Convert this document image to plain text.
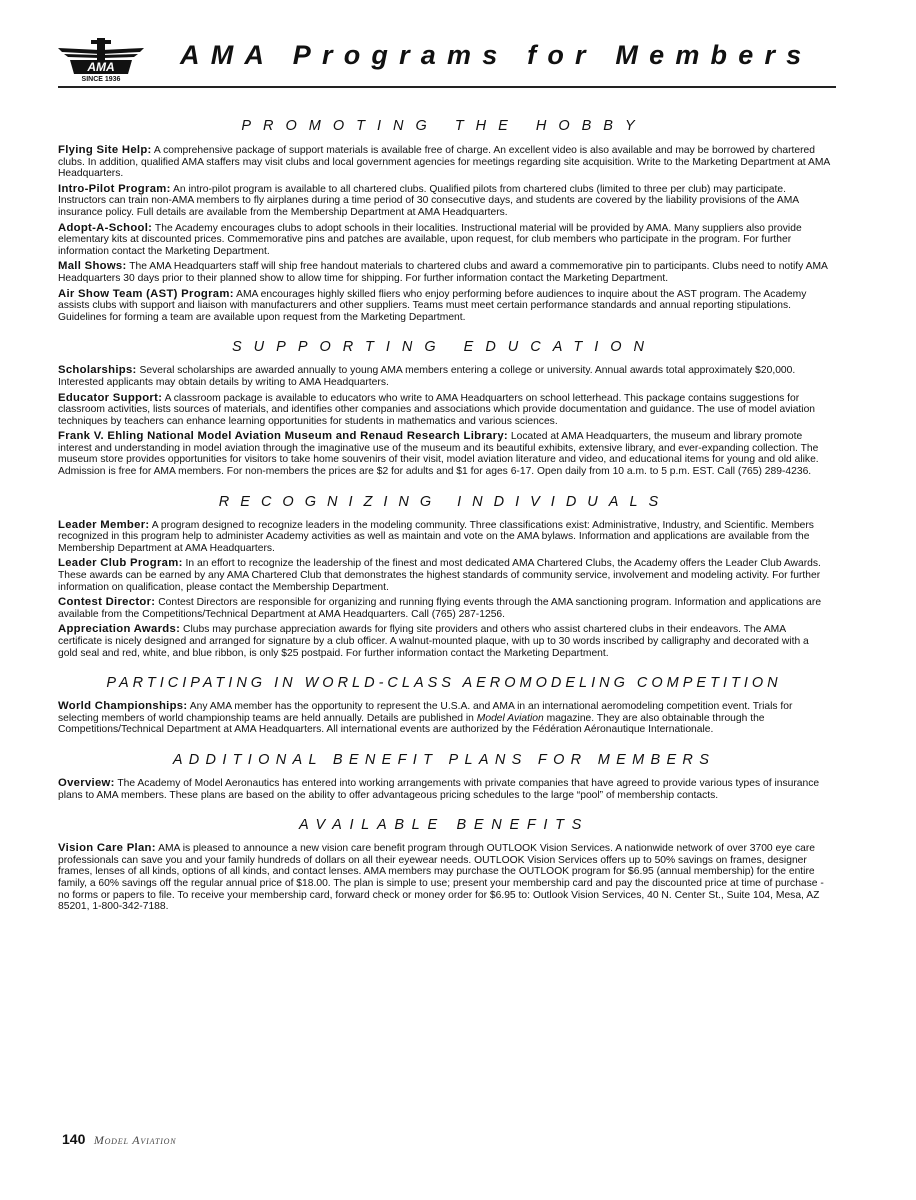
AMA
SINCE 1936
AMA Programs for Members
PROMOTING THE HOBBY

Flying Site Help: A comprehensive package of support materials is available free of charge. An excellent video is also available and may be borrowed by chartered clubs. In addition, qualified AMA staffers may visit clubs and local government agencies for meetings regarding site acquisition. Write to the Marketing Department at AMA Headquarters.

Intro-Pilot Program: An intro-pilot program is available to all chartered clubs. Qualified pilots from chartered clubs (limited to three per club) may participate. Instructors can train non-AMA members to fly airplanes during a time period of 30 consecutive days, and students are covered by the liability provisions of the AMA insurance policy. Full details are available from the Membership Department at AMA Headquarters.

Adopt-A-School: The Academy encourages clubs to adopt schools in their localities. Instructional material will be provided by AMA. Many suppliers also provide elementary kits at discounted prices. Commemorative pins and patches are available, upon request, for club members who participate in the program. For further information contact the Marketing Department.

Mall Shows: The AMA Headquarters staff will ship free handout materials to chartered clubs and award a commemorative pin to participants. Clubs need to notify AMA Headquarters 30 days prior to their planned show to allow time for shipping. For further information contact the Marketing Department.

Air Show Team (AST) Program: AMA encourages highly skilled fliers who enjoy performing before audiences to inquire about the AST program. The Academy assists clubs with support and liaison with manufacturers and other suppliers. Teams must meet certain performance standards and annual reporting stipulations. Guidelines for forming a team are available upon request from the Marketing Department.

SUPPORTING EDUCATION

Scholarships: Several scholarships are awarded annually to young AMA members entering a college or university. Annual awards total approximately $20,000. Interested applicants may obtain details by writing to AMA Headquarters.

Educator Support: A classroom package is available to educators who write to AMA Headquarters on school letterhead. This package contains suggestions for classroom activities, lists sources of materials, and identifies other companies and associations which provide documentation and guidance. The use of model aviation techniques by teachers can enhance learning opportunities for students in mathematics and various sciences.

Frank V. Ehling National Model Aviation Museum and Renaud Research Library: Located at AMA Headquarters, the museum and library promote interest and understanding in model aviation through the imaginative use of the museum and its beautiful exhibits, extensive library, and ever-expanding collection. The museum store provides opportunities for visitors to take home souvenirs of their visit, model aviation literature and video, and educational items for young and old alike. Admission is free for AMA members. For non-members the prices are $2 for adults and $1 for ages 6-17. Open daily from 10 a.m. to 5 p.m. EST. Call (765) 289-4236.

RECOGNIZING INDIVIDUALS

Leader Member: A program designed to recognize leaders in the modeling community. Three classifications exist: Administrative, Industry, and Scientific. Members recognized in this program help to administer Academy activities as well as maintain and vote on the AMA bylaws. Information and applications are available from the Membership Department at AMA Headquarters.

Leader Club Program: In an effort to recognize the leadership of the finest and most dedicated AMA Chartered Clubs, the Academy offers the Leader Club Awards. These awards can be earned by any AMA Chartered Club that demonstrates the highest standards of community service, involvement and modeling activity. For further information on qualification, please contact the Membership Department.

Contest Director: Contest Directors are responsible for organizing and running flying events through the AMA sanctioning program. Information and applications are available from the Competitions/Technical Department at AMA Headquarters. Call (765) 287-1256.

Appreciation Awards: Clubs may purchase appreciation awards for flying site providers and others who assist chartered clubs in their endeavors. The AMA certificate is nicely designed and arranged for signature by a club officer. A walnut-mounted plaque, with up to 30 words inscribed by calligraphy and decorated with a gold seal and red, white, and blue ribbon, is only $25 postpaid. For further information contact the Marketing Department.

PARTICIPATING IN WORLD-CLASS AEROMODELING COMPETITION

World Championships: Any AMA member has the opportunity to represent the U.S.A. and AMA in an international aeromodeling competition event. Trials for selecting members of world championship teams are held annually. Details are published in Model Aviation magazine. They are also obtainable through the Competitions/Technical Department at AMA Headquarters. All international events are authorized by the Fédération Aéronautique Internationale.

ADDITIONAL BENEFIT PLANS FOR MEMBERS

Overview: The Academy of Model Aeronautics has entered into working arrangements with private companies that have agreed to provide various types of insurance plans to AMA members. These plans are based on the ability to offer advantageous pricing schedules to the large “pool” of membership contacts.

AVAILABLE BENEFITS

Vision Care Plan: AMA is pleased to announce a new vision care benefit program through OUTLOOK Vision Services. A nationwide network of over 3700 eye care professionals can save you and your family hundreds of dollars on all their eyewear needs. OUTLOOK Vision Services offers up to 50% savings on frames, designer frames, lenses of all kinds, options of all kinds, and contact lenses. AMA members may purchase the OUTLOOK program for $6.95 (annual membership) for the entire family, a 60% savings off the regular annual price of $18.00. The plan is simple to use; present your membership card and pay the discounted price at time of purchase - no forms or papers to file. To receive your membership card, forward check or money order for $6.95 to: Outlook Vision Services, 40 N. Center St., Suite 104, Mesa, AZ 85201, 1-800-342-7188.

140 Model Aviation
